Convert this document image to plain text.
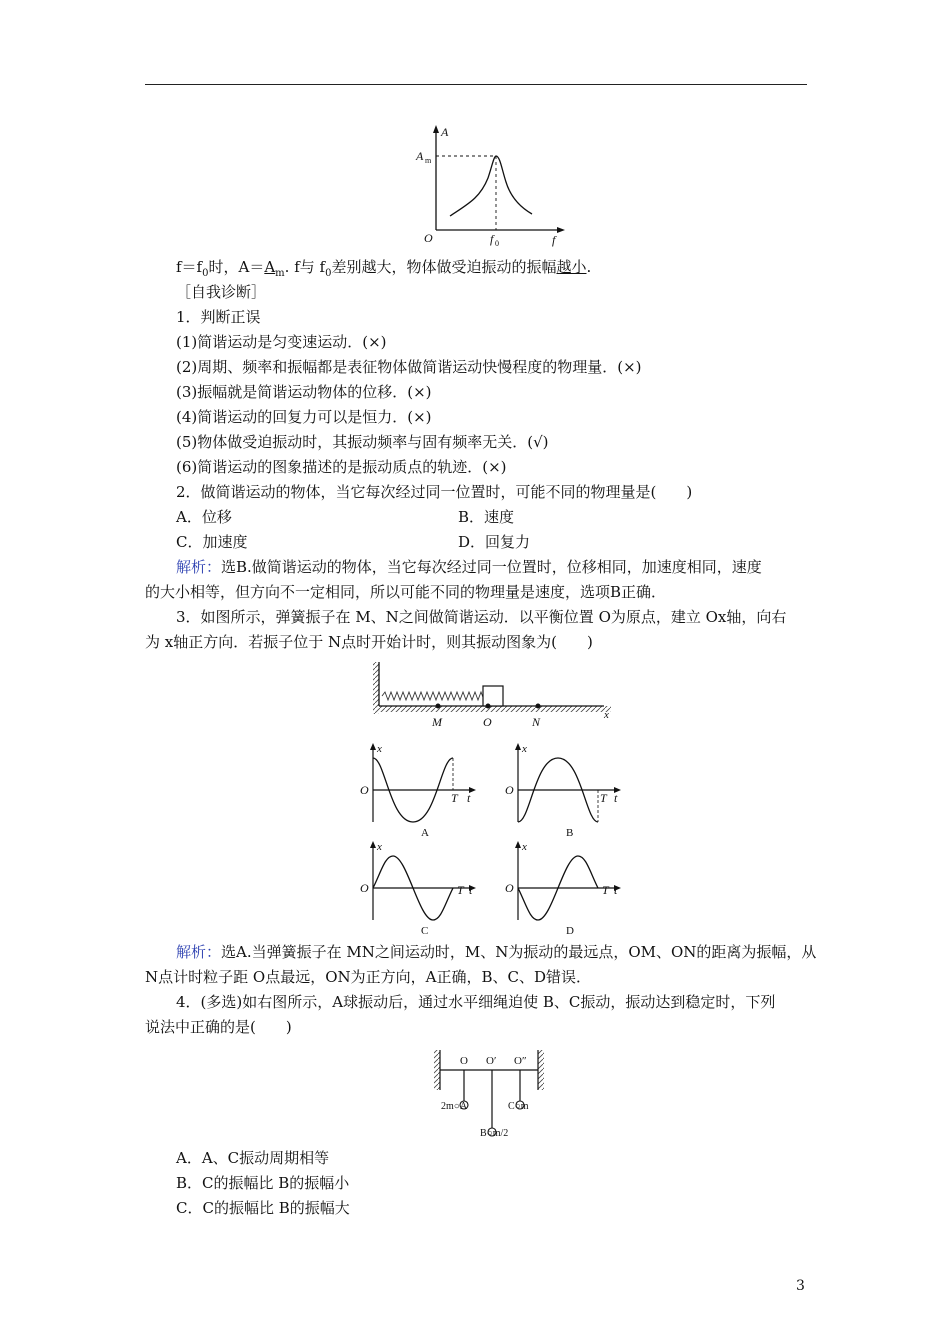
A
A m
O	f 0	f
$f=f_0$时，$A=A_m$. f与 $f_0$差别越大，物体做受迫振动的振幅越小.
［自我诊断］
1．判断正误
(1)简谐运动是匀变速运动．(×)
(2)周期、频率和振幅都是表征物体做简谐运动快慢程度的物理量．(×)
(3)振幅就是简谐运动物体的位移．(×)
(4)简谐运动的回复力可以是恒力．(×)
(5)物体做受迫振动时，其振动频率与固有频率无关．(√)
(6)简谐运动的图象描述的是振动质点的轨迹．(×)
2．做简谐运动的物体，当它每次经过同一位置时，可能不同的物理量是(　　)
A．位移	B．速度
C．加速度	D．回复力
解析：选B.做简谐运动的物体，当它每次经过同一位置时，位移相同，加速度相同，速度
的大小相等，但方向不一定相同，所以可能不同的物理量是速度，选项B正确．
3．如图所示，弹簧振子在 M、N之间做简谐运动．以平衡位置 O为原点，建立 Ox轴，向右
为 x轴正方向．若振子位于 N点时开始计时，则其振动图象为(　　)
M	O	N	x
x
O
T t
A
x
O
T t
B
x
O	T t
C
x
O	T t
D
解析：选A.当弹簧振子在 MN之间运动时，M、N为振动的最远点，OM、ON的距离为振幅，从
N点计时粒子距 O点最远，ON为正方向，A正确，B、C、D错误．
4．(多选)如右图所示，A球振动后，通过水平细绳迫使 B、C振动，振动达到稳定时，下列
说法中正确的是(　　)
O O′ O″
2m○A	C○m
B○m/2
A．A、C振动周期相等
B．C的振幅比 B的振幅小
C．C的振幅比 B的振幅大
3
